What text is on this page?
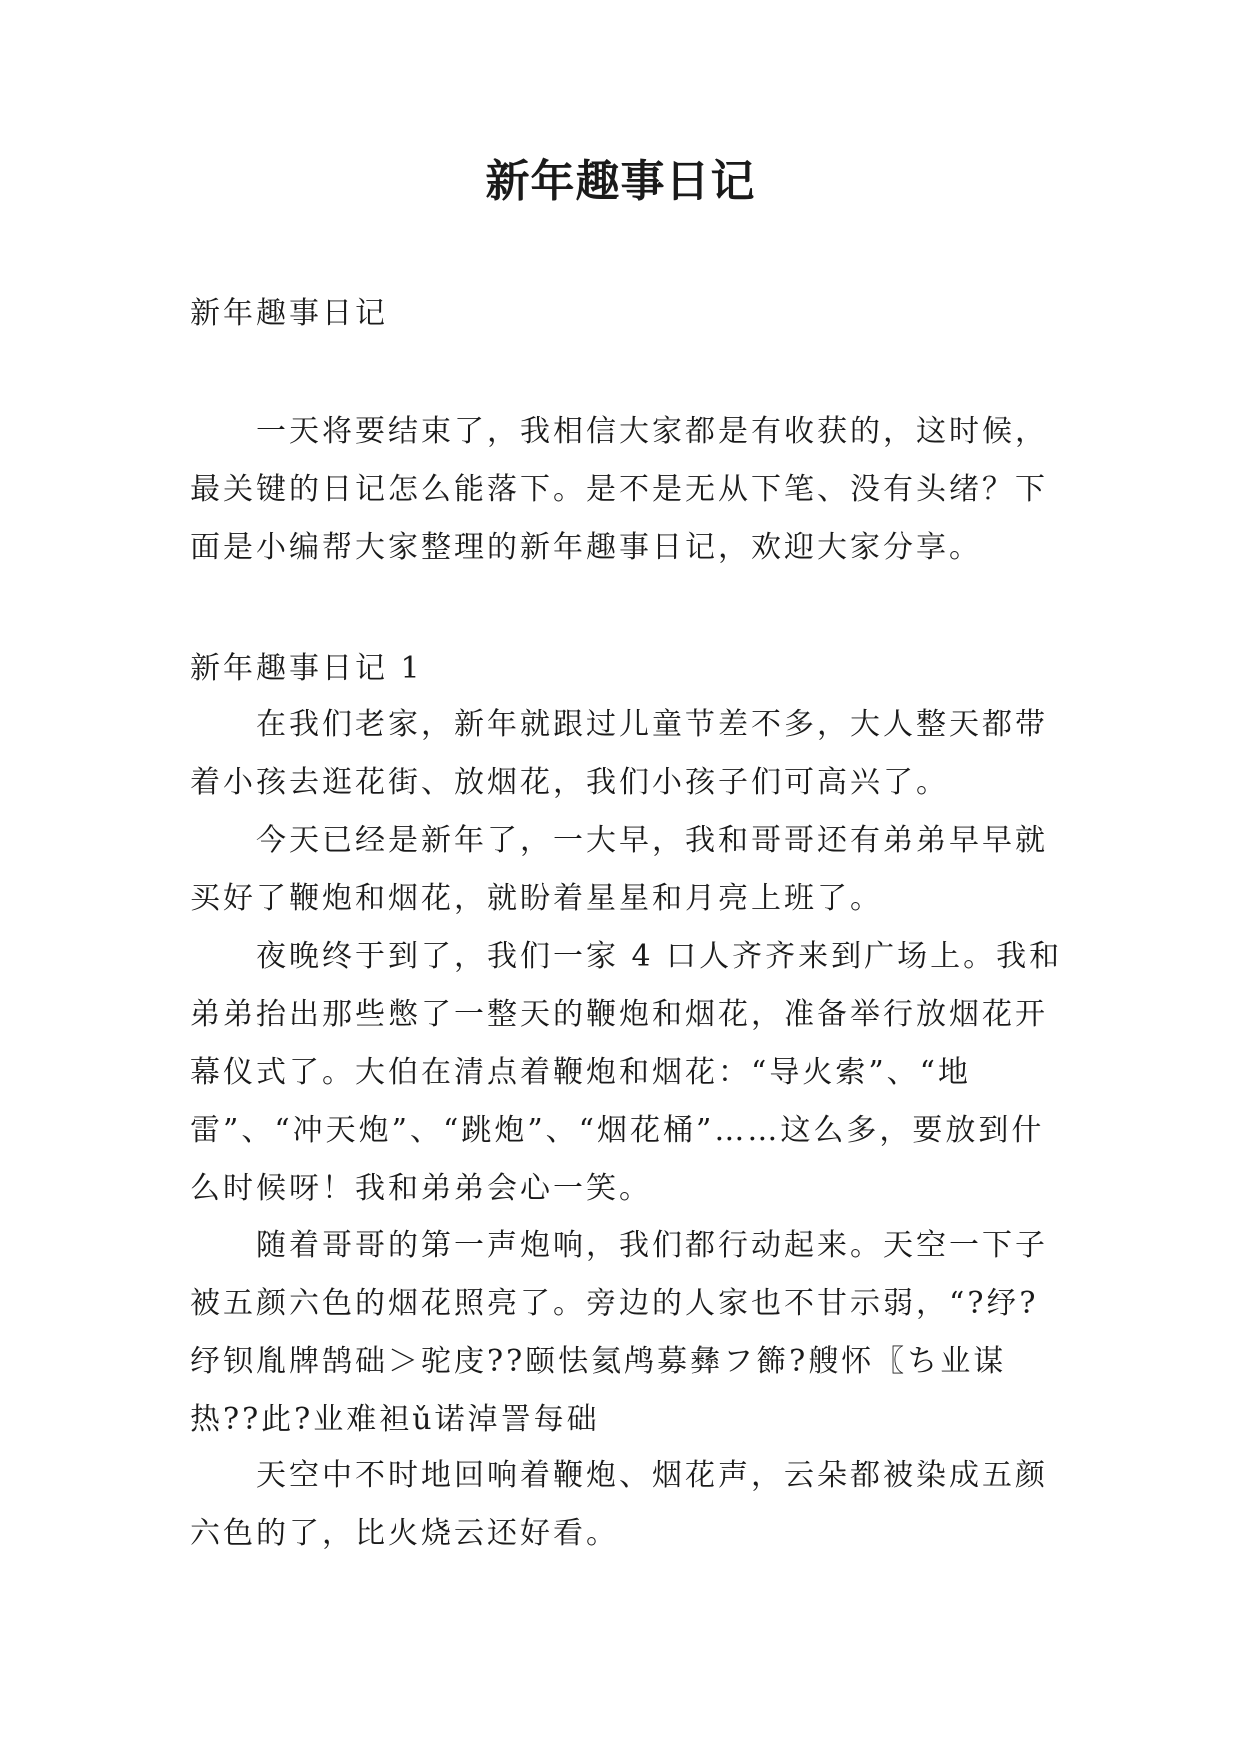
新年趣事日记

新年趣事日记

一天将要结束了，我相信大家都是有收获的，这时候，最关键的日记怎么能落下。是不是无从下笔、没有头绪？下面是小编帮大家整理的新年趣事日记，欢迎大家分享。

新年趣事日记 1

在我们老家，新年就跟过儿童节差不多，大人整天都带着小孩去逛花街、放烟花，我们小孩子们可高兴了。

今天已经是新年了，一大早，我和哥哥还有弟弟早早就买好了鞭炮和烟花，就盼着星星和月亮上班了。

夜晚终于到了，我们一家 4 口人齐齐来到广场上。我和弟弟抬出那些憋了一整天的鞭炮和烟花，准备举行放烟花开幕仪式了。大伯在清点着鞭炮和烟花：“导火索”、“地雷”、“冲天炮”、“跳炮”、“烟花桶”……这么多，要放到什么时候呀！我和弟弟会心一笑。

随着哥哥的第一声炮响，我们都行动起来。天空一下子被五颜六色的烟花照亮了。旁边的人家也不甘示弱，“?纾?纾钡胤牌鹄础＞驼庋??颐怯氦鸬募彝フ籂?艘怀〖ち业谋热??此?业难袒ǔ诺淖詈每础

天空中不时地回响着鞭炮、烟花声，云朵都被染成五颜六色的了，比火烧云还好看。
